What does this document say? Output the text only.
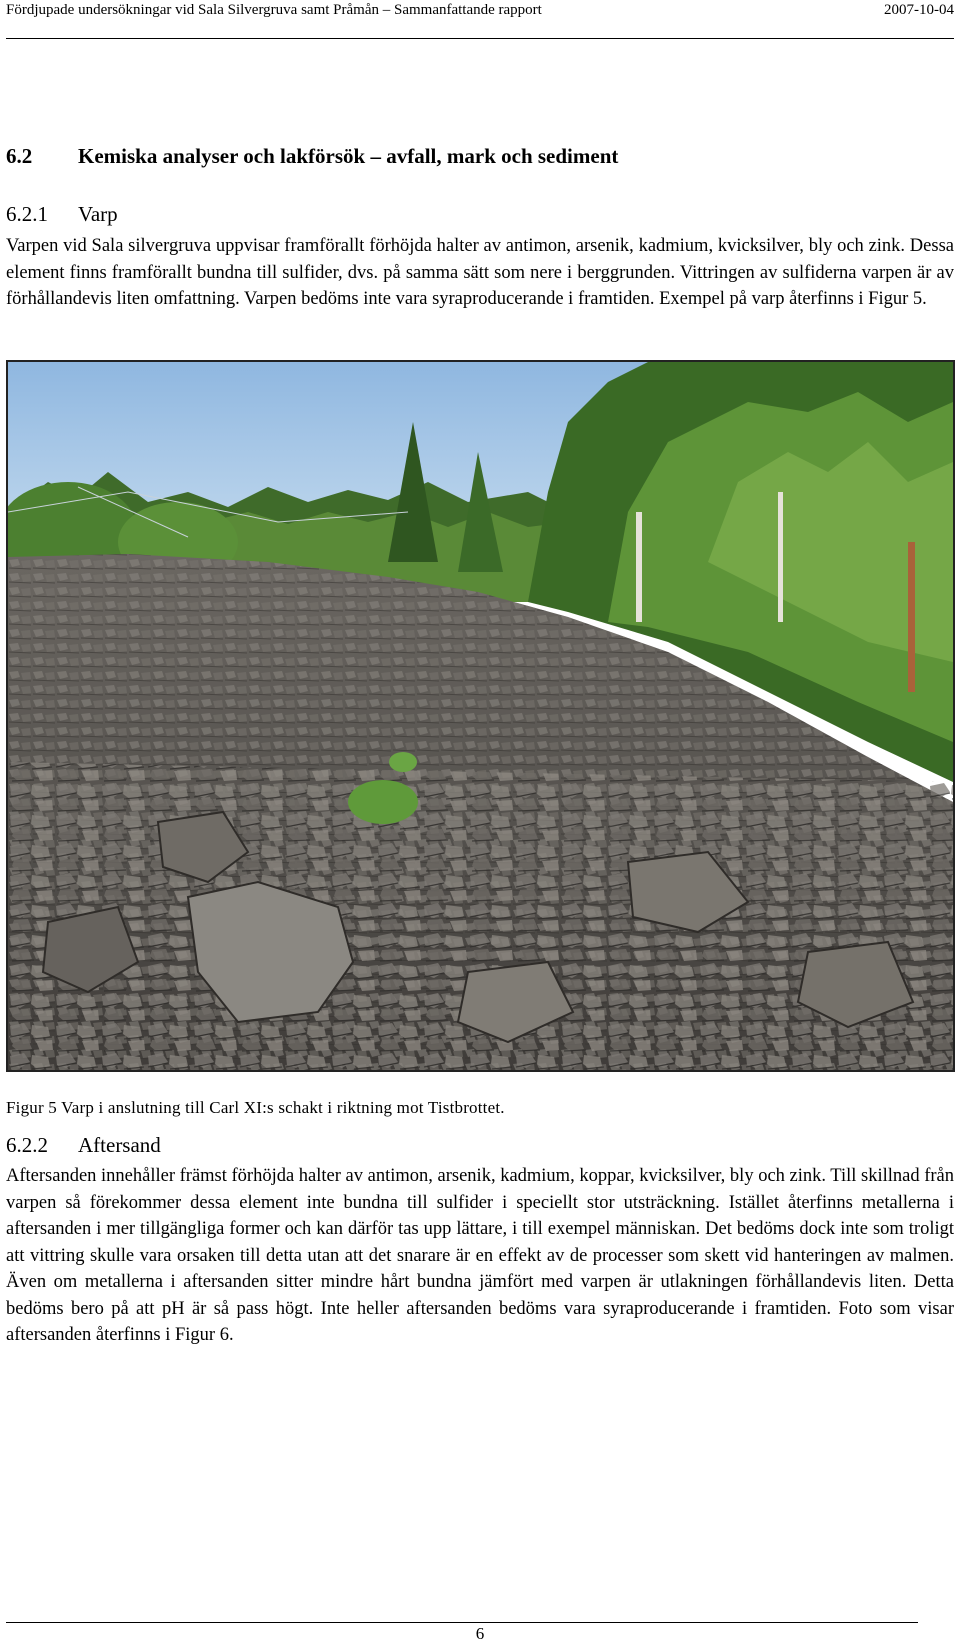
Fördjupade undersökningar vid Sala Silvergruva samt Pråmån – Sammanfattande rapport	2007-10-04
6.2 Kemiska analyser och lakförsök – avfall, mark och sediment
6.2.1 Varp

Varpen vid Sala silvergruva uppvisar framförallt förhöjda halter av antimon, arsenik, kadmium, kvicksilver, bly och zink. Dessa element finns framförallt bundna till sulfider, dvs. på samma sätt som nere i berggrunden. Vittringen av sulfiderna varpen är av förhållandevis liten omfattning. Varpen bedöms inte vara syraproducerande i framtiden. Exempel på varp återfinns i Figur 5.

Figur 5 Varp i anslutning till Carl XI:s schakt i riktning mot Tistbrottet.
6.2.2 Aftersand

Aftersanden innehåller främst förhöjda halter av antimon, arsenik, kadmium, koppar, kvicksilver, bly och zink. Till skillnad från varpen så förekommer dessa element inte bundna till sulfider i speciellt stor utsträckning. Istället återfinns metallerna i aftersanden i mer tillgängliga former och kan därför tas upp lättare, i till exempel människan. Det bedöms dock inte som troligt att vittring skulle vara orsaken till detta utan att det snarare är en effekt av de processer som skett vid hanteringen av malmen. Även om metallerna i aftersanden sitter mindre hårt bundna jämfört med varpen är utlakningen förhållandevis liten. Detta bedöms bero på att pH är så pass högt. Inte heller aftersanden bedöms vara syraproducerande i framtiden. Foto som visar aftersanden återfinns i Figur 6.

6
